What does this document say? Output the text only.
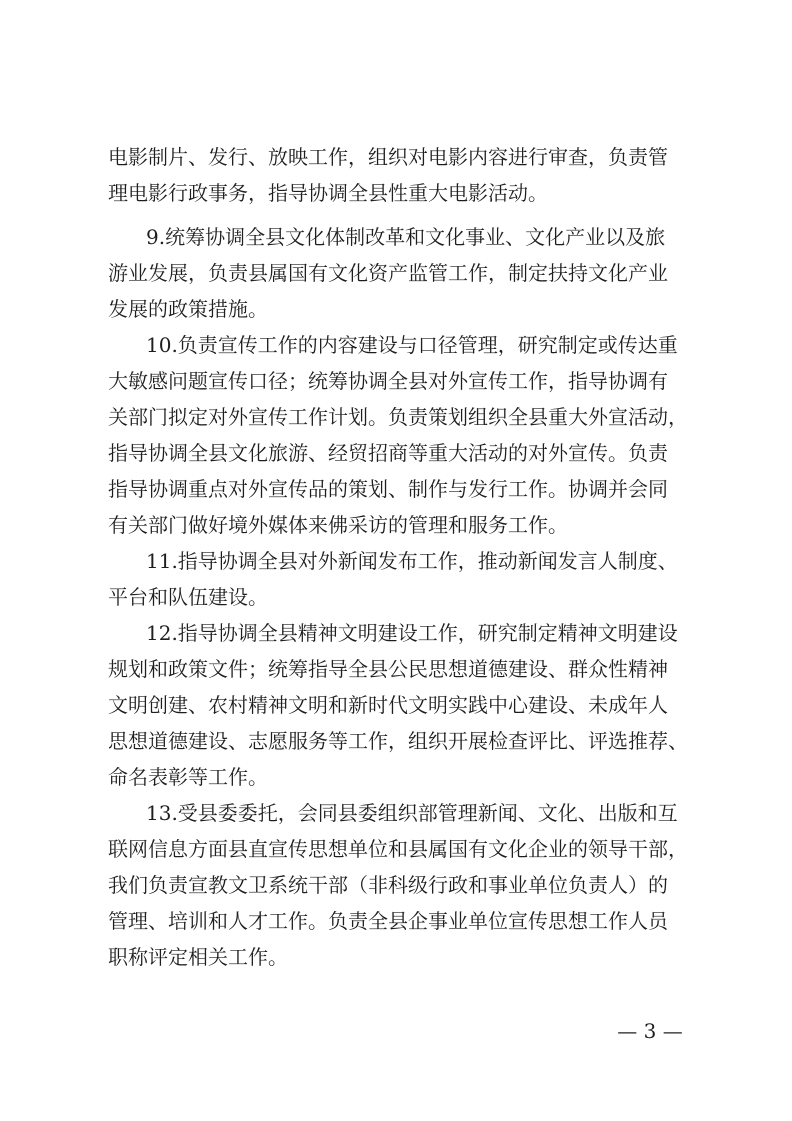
电影制片、发行、放映工作，组织对电影内容进行审查，负责管
理电影行政事务，指导协调全县性重大电影活动。
9.统筹协调全县文化体制改革和文化事业、文化产业以及旅
游业发展，负责县属国有文化资产监管工作，制定扶持文化产业
发展的政策措施。
10.负责宣传工作的内容建设与口径管理，研究制定或传达重
大敏感问题宣传口径；统筹协调全县对外宣传工作，指导协调有
关部门拟定对外宣传工作计划。负责策划组织全县重大外宣活动，
指导协调全县文化旅游、经贸招商等重大活动的对外宣传。负责
指导协调重点对外宣传品的策划、制作与发行工作。协调并会同
有关部门做好境外媒体来佛采访的管理和服务工作。
11.指导协调全县对外新闻发布工作，推动新闻发言人制度、
平台和队伍建设。
12.指导协调全县精神文明建设工作，研究制定精神文明建设
规划和政策文件；统筹指导全县公民思想道德建设、群众性精神
文明创建、农村精神文明和新时代文明实践中心建设、未成年人
思想道德建设、志愿服务等工作，组织开展检查评比、评选推荐、
命名表彰等工作。
13.受县委委托，会同县委组织部管理新闻、文化、出版和互
联网信息方面县直宣传思想单位和县属国有文化企业的领导干部，
我们负责宣教文卫系统干部（非科级行政和事业单位负责人）的
管理、培训和人才工作。负责全县企事业单位宣传思想工作人员
职称评定相关工作。
— 3 —
